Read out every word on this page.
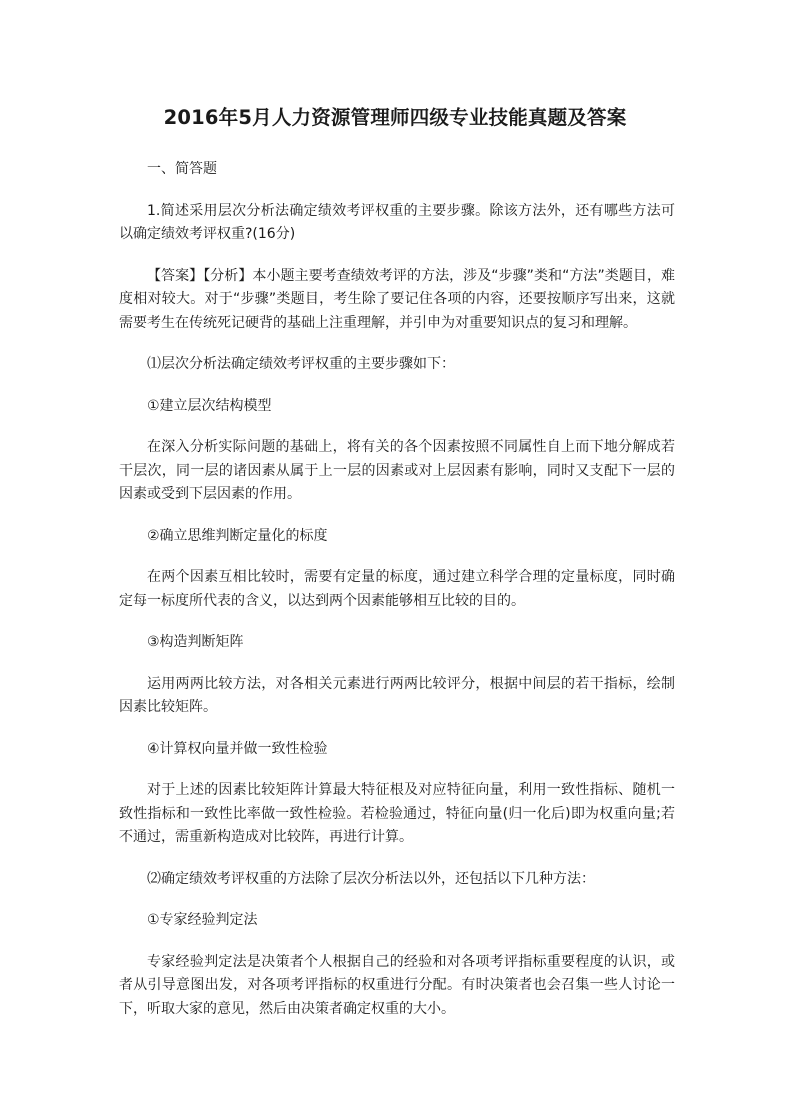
2016年5月人力资源管理师四级专业技能真题及答案

一、简答题

1.简述采用层次分析法确定绩效考评权重的主要步骤。除该方法外，还有哪些方法可以确定绩效考评权重?(16分)

【答案】【分析】本小题主要考查绩效考评的方法，涉及“步骤”类和“方法”类题目，难度相对较大。对于“步骤”类题目，考生除了要记住各项的内容，还要按顺序写出来，这就需要考生在传统死记硬背的基础上注重理解，并引申为对重要知识点的复习和理解。

⑴层次分析法确定绩效考评权重的主要步骤如下：

①建立层次结构模型

在深入分析实际问题的基础上，将有关的各个因素按照不同属性自上而下地分解成若干层次，同一层的诸因素从属于上一层的因素或对上层因素有影响，同时又支配下一层的因素或受到下层因素的作用。

②确立思维判断定量化的标度

在两个因素互相比较时，需要有定量的标度，通过建立科学合理的定量标度，同时确定每一标度所代表的含义，以达到两个因素能够相互比较的目的。

③构造判断矩阵

运用两两比较方法，对各相关元素进行两两比较评分，根据中间层的若干指标，绘制因素比较矩阵。

④计算权向量并做一致性检验

对于上述的因素比较矩阵计算最大特征根及对应特征向量，利用一致性指标、随机一致性指标和一致性比率做一致性检验。若检验通过，特征向量(归一化后)即为权重向量;若不通过，需重新构造成对比较阵，再进行计算。

⑵确定绩效考评权重的方法除了层次分析法以外，还包括以下几种方法：

①专家经验判定法

专家经验判定法是决策者个人根据自己的经验和对各项考评指标重要程度的认识，或者从引导意图出发，对各项考评指标的权重进行分配。有时决策者也会召集一些人讨论一下，听取大家的意见，然后由决策者确定权重的大小。
